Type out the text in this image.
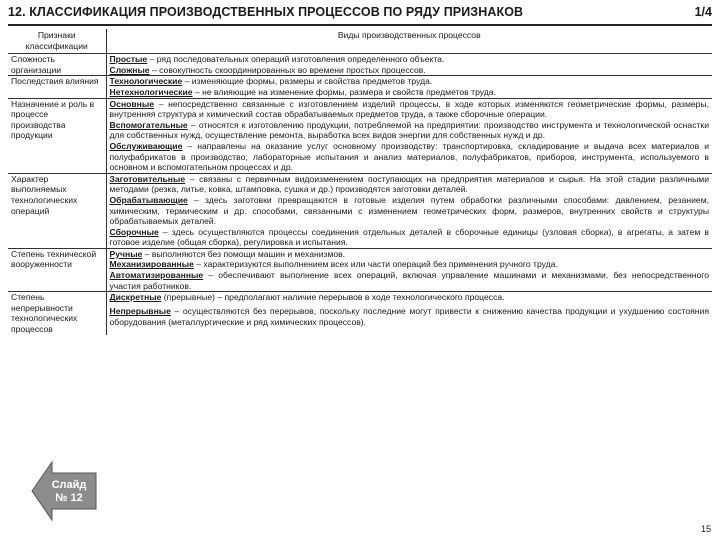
12. КЛАССИФИКАЦИЯ ПРОИЗВОДСТВЕННЫХ ПРОЦЕССОВ ПО РЯДУ ПРИЗНАКОВ	1/4
Признаки классификации	Виды производственных процессов
Сложность организации	Простые – ряд последовательных операций изготовления определенного объекта.

	Сложные – совокупность скоординированных во времени простых процессов.

Последствия влияния	Технологические – изменяющие формы, размеры и свойства предметов труда.

	Нетехнологические – не влияющие на изменение формы, размера и свойств предметов труда.

Назначение и роль в процессе производства продукции	Основные – непосредственно связанные с изготовлением изделий процессы, в ходе которых изменяются геометрические формы, размеры, внутренняя структура и химический состав обрабатываемых предметов труда, а также сборочные операции.

	Вспомогательные – относятся к изготовлению продукции, потребляемой на предприятии: производство инструмента и технологической оснастки для собственных нужд, осуществление ремонта, выработка всех видов энергии для собственных нужд и др.

	Обслуживающие – направлены на оказание услуг основному производству: транспортировка, складирование и выдача всех материалов и полуфабрикатов в производство; лабораторные испытания и анализ материалов, полуфабрикатов, приборов, инструмента, используемого в основном и вспомогательном процессах и др.

Характер выполняемых технологических операций	Заготовительные – связаны с первичным видоизменением поступающих на предприятия материалов и сырья. На этой стадии различными методами (резка, литье, ковка, штамповка, сушка и др.) производятся заготовки деталей.

	Обрабатывающие – здесь заготовки превращаются в готовые изделия путем обработки различными способами: давлением, резанием, химическим, термическим и др. способами, связанными с изменением геометрических форм, размеров, внутренних свойств и структуры обрабатываемых деталей.

	Сборочные – здесь осуществляются процессы соединения отдельных деталей в сборочные единицы (узловая сборка), в агрегаты, а затем в готовое изделие (общая сборка), регулировка и испытания.

Степень технической вооруженности	Ручные – выполняются без помощи машин и механизмов.

	Механизированные – характеризуются выполнением всех или части операций без применения ручного труда.

	Автоматизированные – обеспечивают выполнение всех операций, включая управление машинами и механизмами, без непосредственного участия работников.

Степень непрерывности технологических процессов	Дискретные (прерывные) – предполагают наличие перерывов в ходе технологического процесса.

	Непрерывные – осуществляются без перерывов, поскольку последние могут привести к снижению качества продукции и ухудшению состояния оборудования (металлургические и ряд химических процессов).

Слайд
№ 12
15
